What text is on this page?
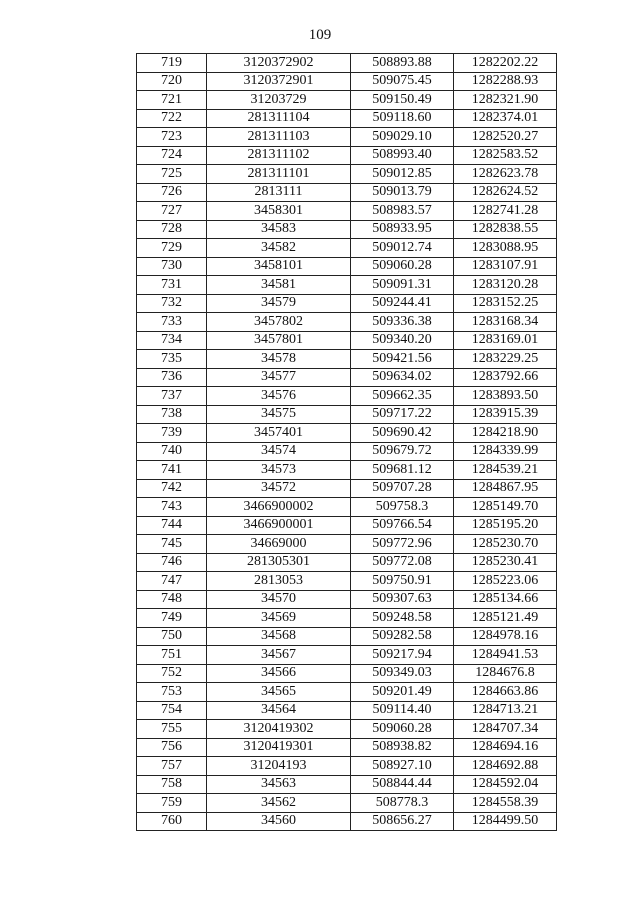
109
719	3120372902	508893.88	1282202.22
720	3120372901	509075.45	1282288.93
721	31203729	509150.49	1282321.90
722	281311104	509118.60	1282374.01
723	281311103	509029.10	1282520.27
724	281311102	508993.40	1282583.52
725	281311101	509012.85	1282623.78
726	2813111	509013.79	1282624.52
727	3458301	508983.57	1282741.28
728	34583	508933.95	1282838.55
729	34582	509012.74	1283088.95
730	3458101	509060.28	1283107.91
731	34581	509091.31	1283120.28
732	34579	509244.41	1283152.25
733	3457802	509336.38	1283168.34
734	3457801	509340.20	1283169.01
735	34578	509421.56	1283229.25
736	34577	509634.02	1283792.66
737	34576	509662.35	1283893.50
738	34575	509717.22	1283915.39
739	3457401	509690.42	1284218.90
740	34574	509679.72	1284339.99
741	34573	509681.12	1284539.21
742	34572	509707.28	1284867.95
743	3466900002	509758.3	1285149.70
744	3466900001	509766.54	1285195.20
745	34669000	509772.96	1285230.70
746	281305301	509772.08	1285230.41
747	2813053	509750.91	1285223.06
748	34570	509307.63	1285134.66
749	34569	509248.58	1285121.49
750	34568	509282.58	1284978.16
751	34567	509217.94	1284941.53
752	34566	509349.03	1284676.8
753	34565	509201.49	1284663.86
754	34564	509114.40	1284713.21
755	3120419302	509060.28	1284707.34
756	3120419301	508938.82	1284694.16
757	31204193	508927.10	1284692.88
758	34563	508844.44	1284592.04
759	34562	508778.3	1284558.39
760	34560	508656.27	1284499.50
